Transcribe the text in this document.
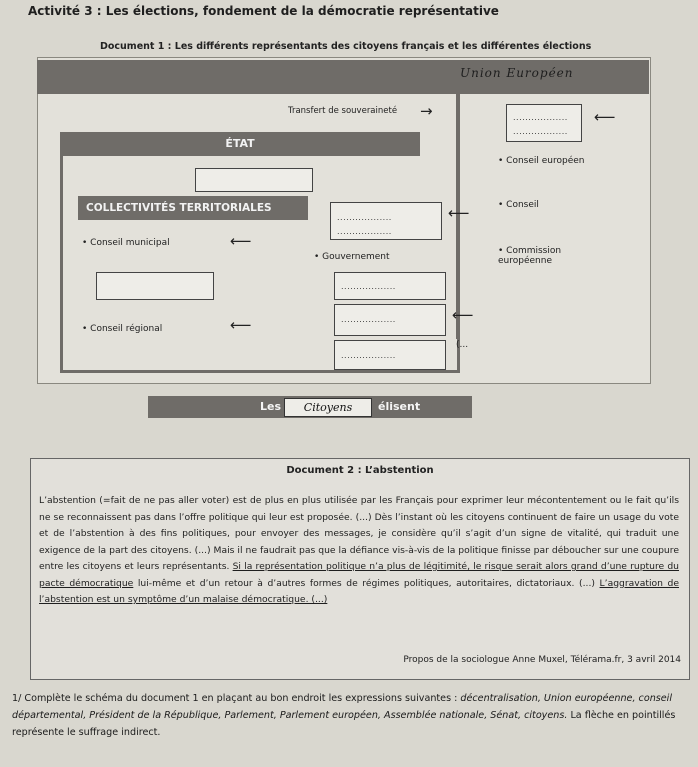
Activité 3 : Les élections, fondement de la démocratie représentative
Document 1 : Les différents représentants des citoyens français et les différentes élections
Union Européen
Transfert de souveraineté →
ÉTAT
..................
..................
⟵
• Conseil européen
• Conseil
• Commission européenne
COLLECTIVITÉS TERRITORIALES
..................
..................
⟵
• Conseil municipal	⟵
• Gouvernement
..................
..................
..................
⟵
(...
• Conseil régional	⟵
Les	Citoyens	élisent
Document 2 : L’abstention
L’abstention (=fait de ne pas aller voter) est de plus en plus utilisée par les Français pour exprimer leur mécontentement ou le fait qu’ils ne se reconnaissent pas dans l’offre politique qui leur est proposée. (...) Dès l’instant où les citoyens continuent de faire un usage du vote et de l’abstention à des fins politiques, pour envoyer des messages, je considère qu’il s’agit d’un signe de vitalité, qui traduit une exigence de la part des citoyens. (...) Mais il ne faudrait pas que la défiance vis-à-vis de la politique finisse par déboucher sur une coupure entre les citoyens et leurs représentants. Si la représentation politique n’a plus de légitimité, le risque serait alors grand d’une rupture du pacte démocratique lui-même et d’un retour à d’autres formes de régimes politiques, autoritaires, dictatoriaux. (...) L’aggravation de l’abstention est un symptôme d’un malaise démocratique. (...)
Propos de la sociologue Anne Muxel, Télérama.fr, 3 avril 2014
1/ Complète le schéma du document 1 en plaçant au bon endroit les expressions suivantes : décentralisation, Union européenne, conseil départemental, Président de la République, Parlement, Parlement européen, Assemblée nationale, Sénat, citoyens. La flèche en pointillés représente le suffrage indirect.
